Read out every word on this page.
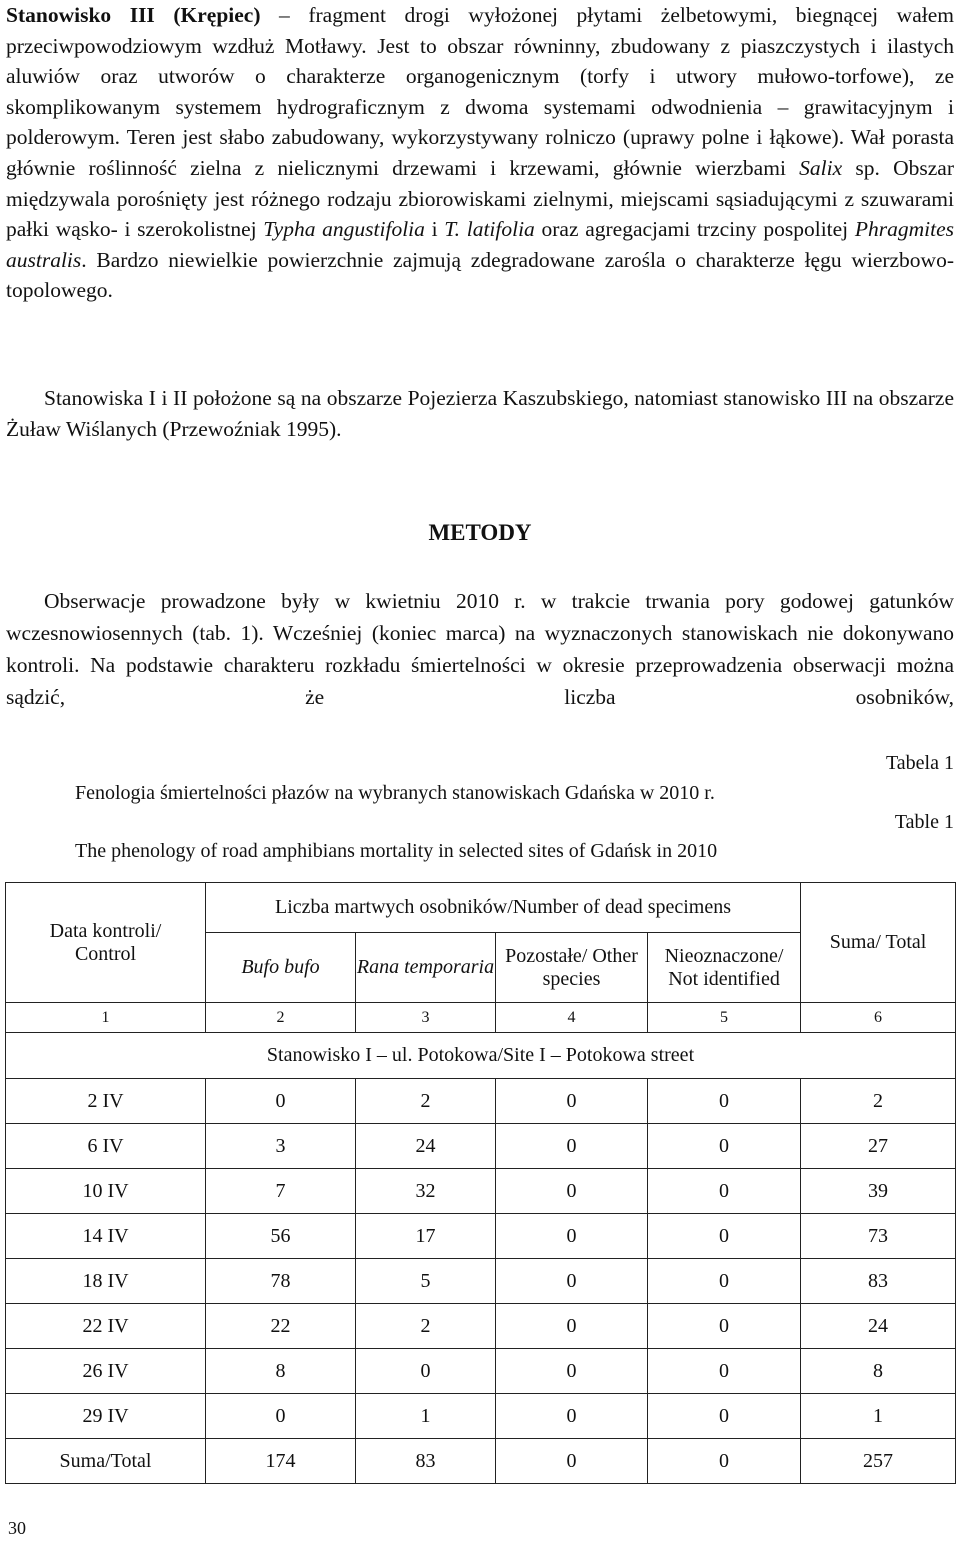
Stanowisko III (Krępiec) – fragment drogi wyłożonej płytami żelbetowymi, biegnącej wałem przeciwpowodziowym wzdłuż Motławy. Jest to obszar równinny, zbudowany z piaszczystych i ilastych aluwiów oraz utworów o charakterze organogenicznym (torfy i utwory mułowo-torfowe), ze skomplikowanym systemem hydrograficznym z dwoma systemami odwodnienia – grawitacyjnym i polderowym. Teren jest słabo zabudowany, wykorzystywany rolniczo (uprawy polne i łąkowe). Wał porasta głównie roślinność zielna z nielicznymi drzewami i krzewami, głównie wierzbami Salix sp. Obszar międzywala porośnięty jest różnego rodzaju zbiorowiskami zielnymi, miejscami sąsiadującymi z szuwarami pałki wąsko- i szerokolistnej Typha angustifolia i T. latifolia oraz agregacjami trzciny pospolitej Phragmites australis. Bardzo niewielkie powierzchnie zajmują zdegradowane zarośla o charakterze łęgu wierzbowo-topolowego.

Stanowiska I i II położone są na obszarze Pojezierza Kaszubskiego, natomiast stanowisko III na obszarze Żuław Wiślanych (Przewoźniak 1995).

METODY

Obserwacje prowadzone były w kwietniu 2010 r. w trakcie trwania pory godowej gatunków wczesnowiosennych (tab. 1). Wcześniej (koniec marca) na wyznaczonych stanowiskach nie dokonywano kontroli. Na podstawie charakteru rozkładu śmiertelności w okresie przeprowadzenia obserwacji można sądzić, że liczba osobników,

Tabela 1

Fenologia śmiertelności płazów na wybranych stanowiskach Gdańska w 2010 r.

Table 1

The phenology of road amphibians mortality in selected sites of Gdańsk in 2010

Data kontroli/ Control	Liczba martwych osobników/Number of dead specimens				Suma/ Total
	Bufo bufo	Rana temporaria	Pozostałe/ Other species	Nieoznaczone/ Not identified	
1	2	3	4	5	6
Stanowisko I – ul. Potokowa/Site I – Potokowa street					
2 IV	0	2	0	0	2
6 IV	3	24	0	0	27
10 IV	7	32	0	0	39
14 IV	56	17	0	0	73
18 IV	78	5	0	0	83
22 IV	22	2	0	0	24
26 IV	8	0	0	0	8
29 IV	0	1	0	0	1
Suma/Total	174	83	0	0	257
30
